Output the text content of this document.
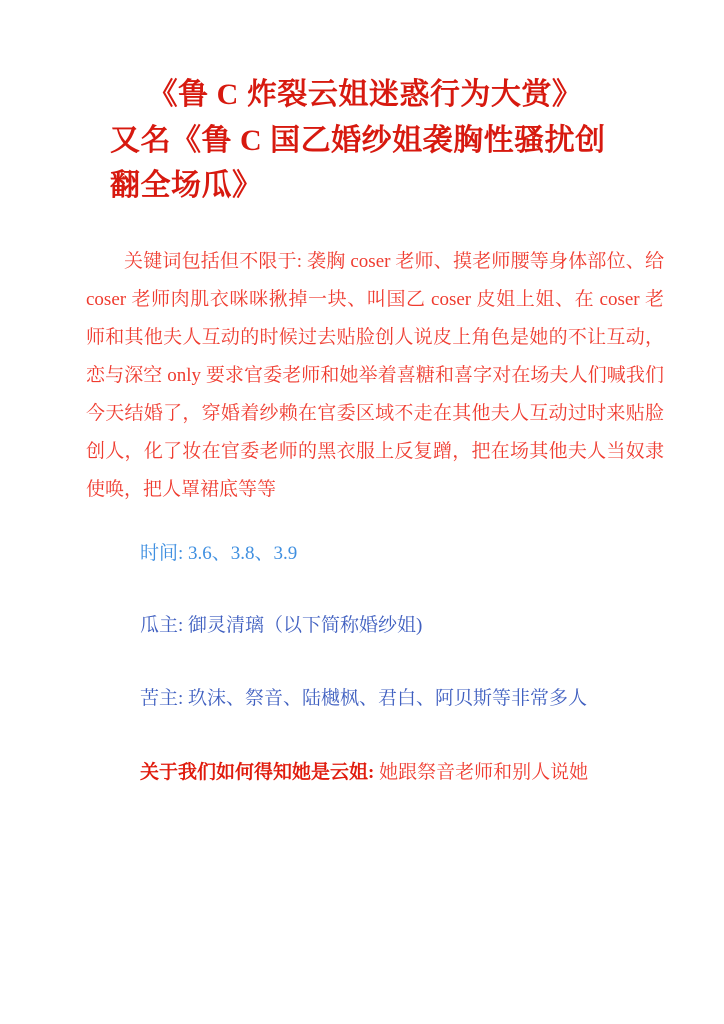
《鲁 C 炸裂云姐迷惑行为大赏》
又名《鲁 C 国乙婚纱姐袭胸性骚扰创
翻全场瓜》

关键词包括但不限于: 袭胸 coser 老师、摸老师腰等身体部位、给 coser 老师肉肌衣咪咪揪掉一块、叫国乙 coser 皮姐上姐、在 coser 老师和其他夫人互动的时候过去贴脸创人说皮上角色是她的不让互动，恋与深空 only 要求官委老师和她举着喜糖和喜字对在场夫人们喊我们今天结婚了，穿婚着纱赖在官委区域不走在其他夫人互动过时来贴脸创人，化了妆在官委老师的黑衣服上反复蹭，把在场其他夫人当奴隶使唤，把人罩裙底等等

时间: 3.6、3.8、3.9
瓜主: 御灵清璃（以下简称婚纱姐)
苦主: 玖沫、祭音、陆樾枫、君白、阿贝斯等非常多人

关于我们如何得知她是云姐: 她跟祭音老师和别人说她
